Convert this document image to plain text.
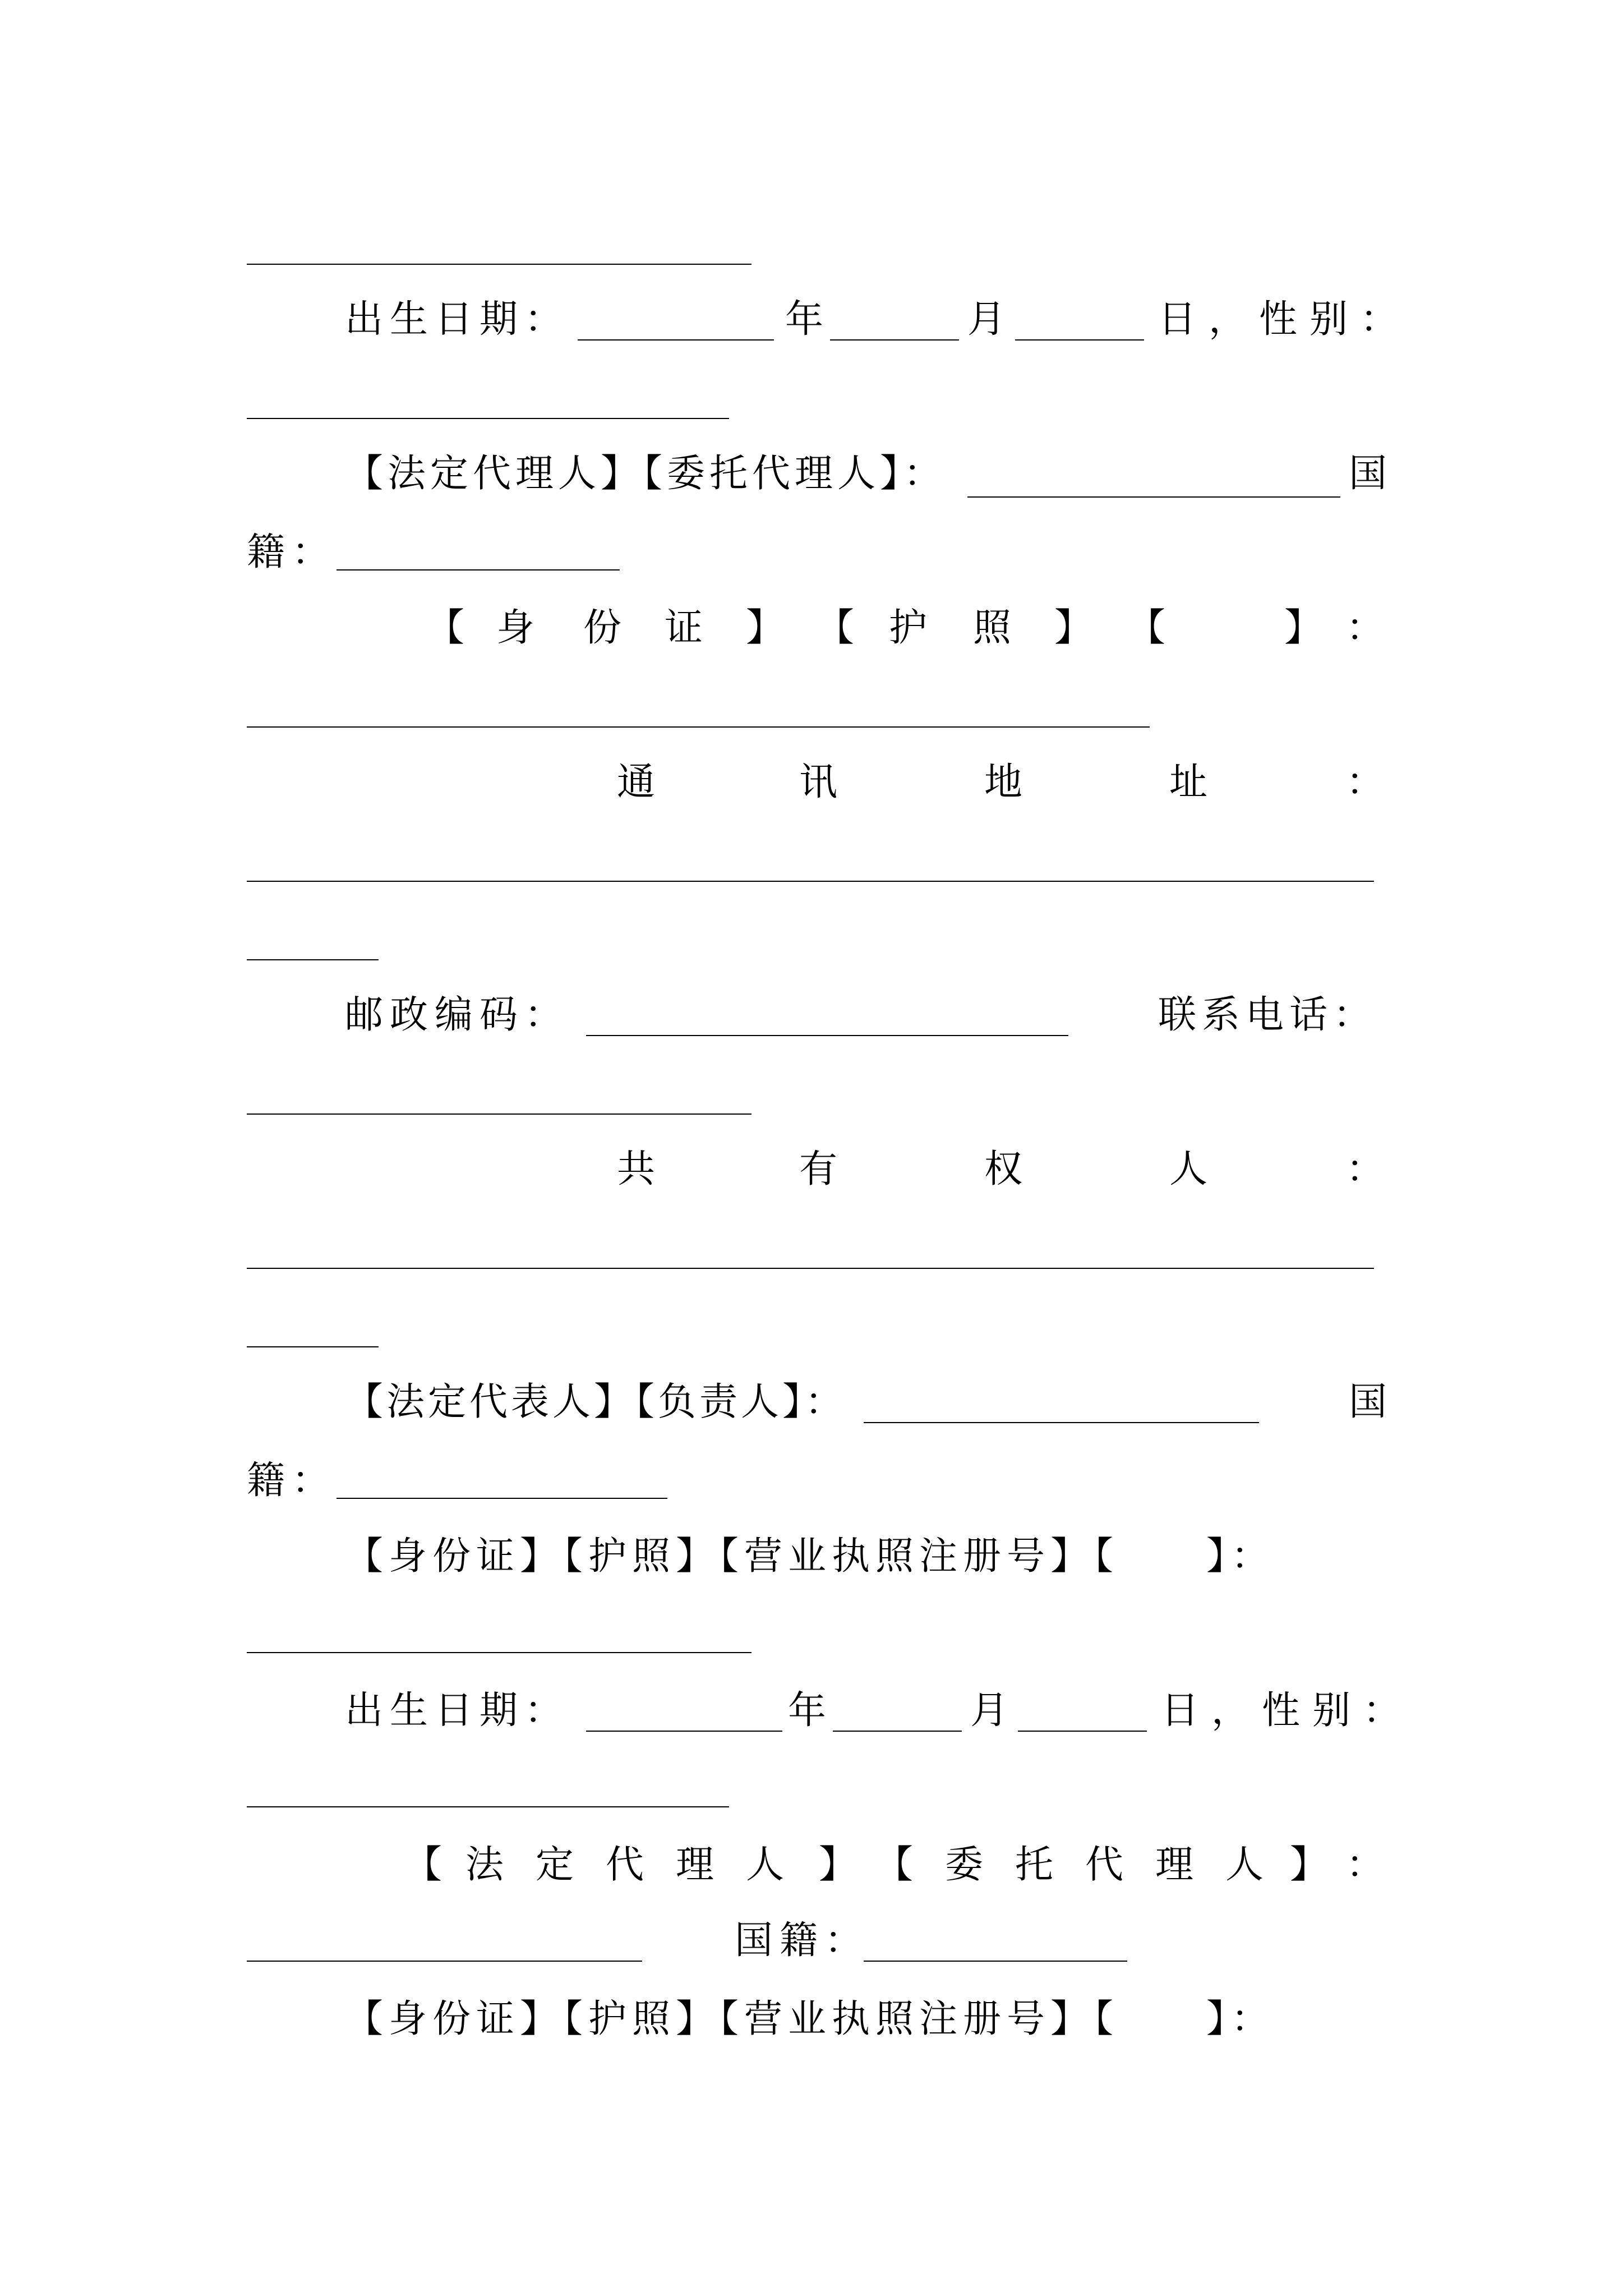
出生日期：	年	月	日，性别：
【法定代理人】【委托代理人】：	国
籍：
【 身 份 证 】 【 护 照 】 【	】 ：
通	讯	地	址	：
邮政编码：	联系电话：
共	有	权	人	：
【法定代表人】【负责人】：	国
籍：
【身份证】【护照】【营业执照注册号】【　　】：
出生日期：	年	月	日，性别：
【 法 定 代 理 人 】 【 委 托 代 理 人 】 ：
国籍：
【身份证】【护照】【营业执照注册号】【　　】：
